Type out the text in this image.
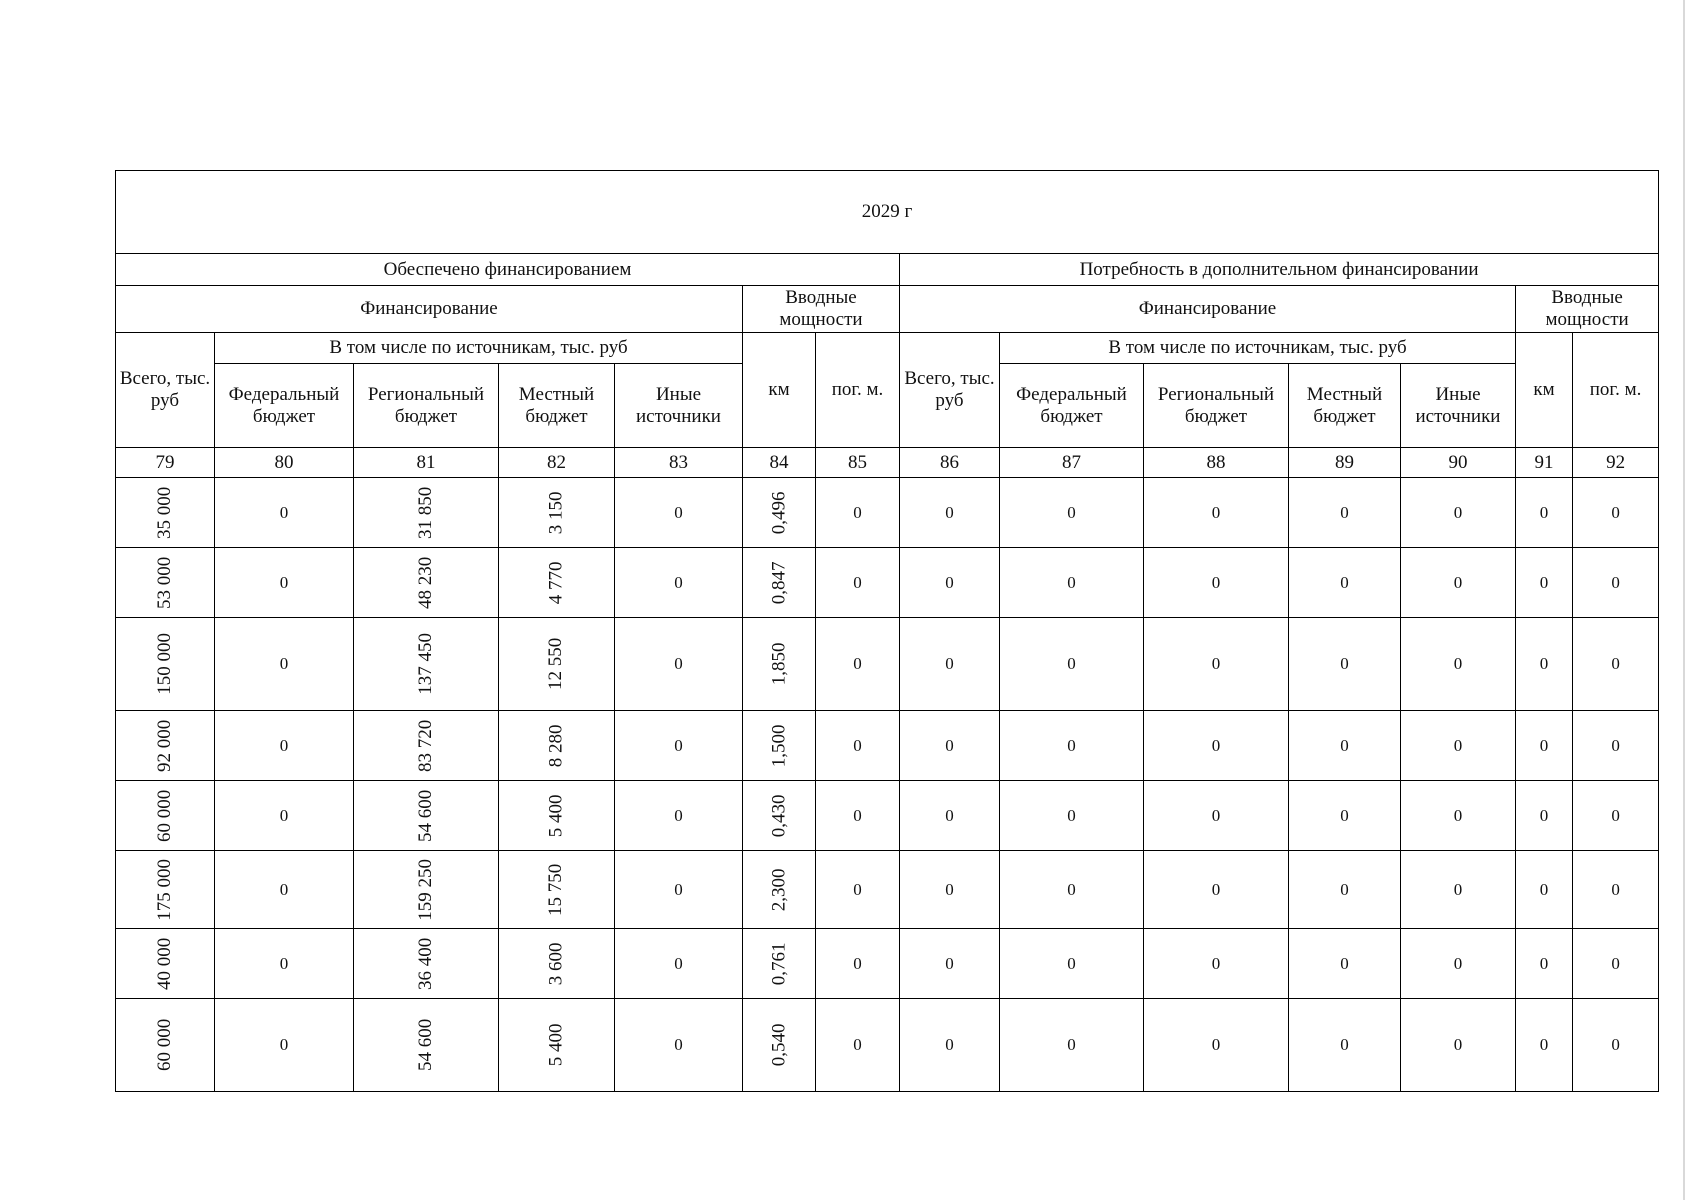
2029 г													
Обеспечено финансированием							Потребность в дополнительном финансировании						
Финансирование					Вводные мощности		Финансирование					Вводные мощности	
Всего, тыс. руб	В том числе по источникам, тыс. руб				км	пог. м.	Всего, тыс. руб	В том числе по источникам, тыс. руб				км	пог. м.
	Федеральный бюджет	Региональный бюджет	Местный бюджет	Иные источники				Федеральный бюджет	Региональный бюджет	Местный бюджет	Иные источники		
79	80	81	82	83	84	85	86	87	88	89	90	91	92
35 000	0	31 850	3 150	0	0,496	0	0	0	0	0	0	0	0
53 000	0	48 230	4 770	0	0,847	0	0	0	0	0	0	0	0
150 000	0	137 450	12 550	0	1,850	0	0	0	0	0	0	0	0
92 000	0	83 720	8 280	0	1,500	0	0	0	0	0	0	0	0
60 000	0	54 600	5 400	0	0,430	0	0	0	0	0	0	0	0
175 000	0	159 250	15 750	0	2,300	0	0	0	0	0	0	0	0
40 000	0	36 400	3 600	0	0,761	0	0	0	0	0	0	0	0
60 000	0	54 600	5 400	0	0,540	0	0	0	0	0	0	0	0
